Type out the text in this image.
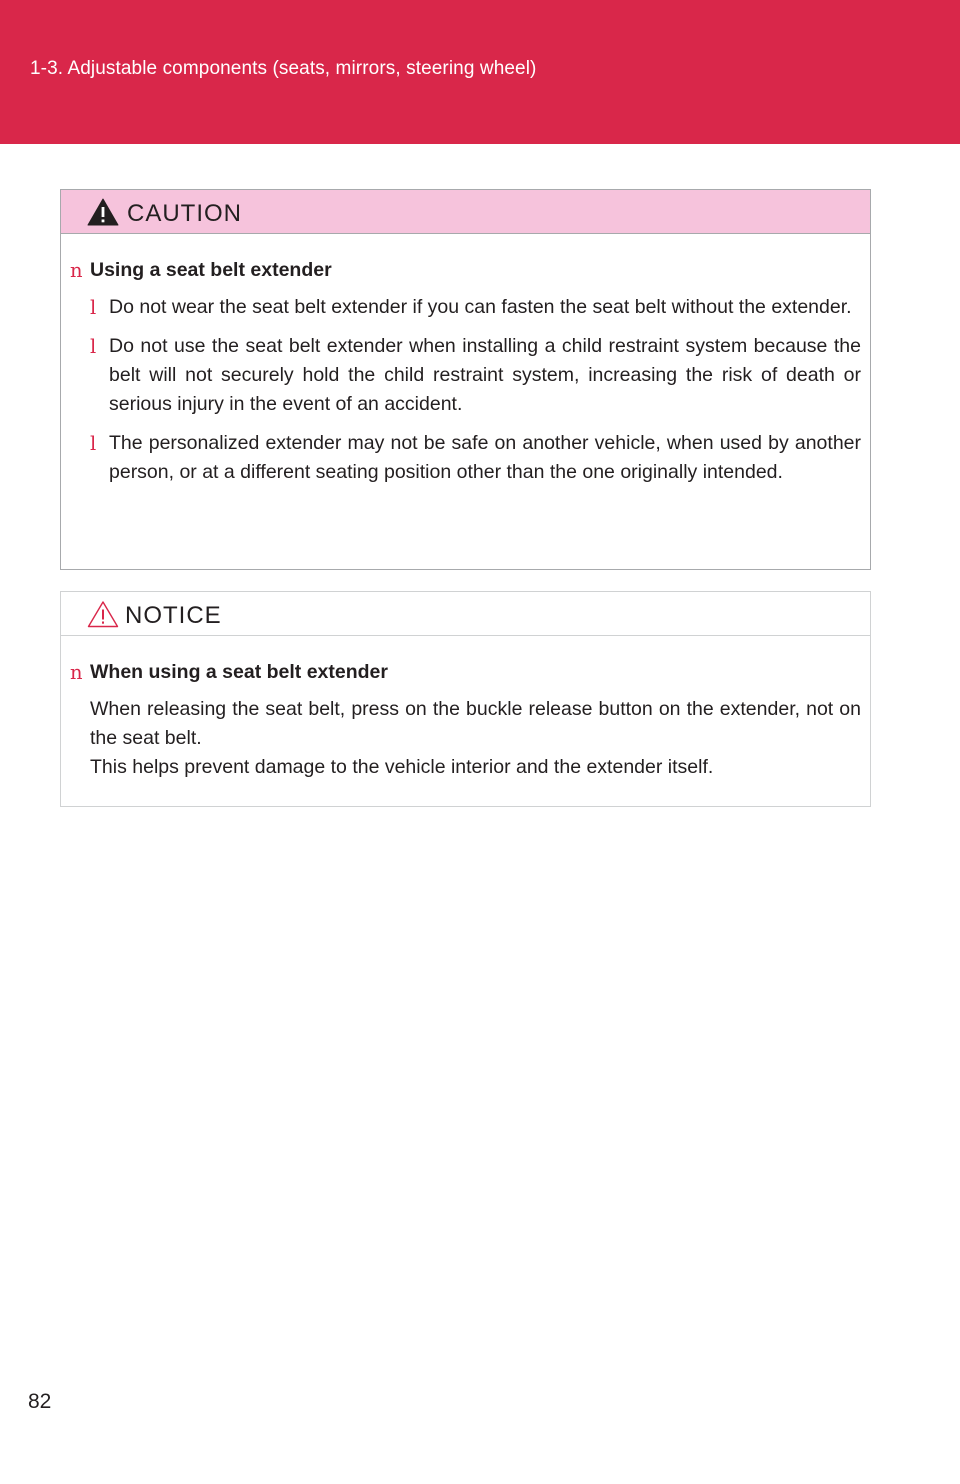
1-3. Adjustable components (seats, mirrors, steering wheel)
CAUTION
n Using a seat belt extender
l Do not wear the seat belt extender if you can fasten the seat belt without the extender.
l Do not use the seat belt extender when installing a child restraint system because the belt will not securely hold the child restraint system, increasing the risk of death or serious injury in the event of an accident.
l The personalized extender may not be safe on another vehicle, when used by another person, or at a different seating position other than the one originally intended.
NOTICE
n When using a seat belt extender
When releasing the seat belt, press on the buckle release button on the extender, not on the seat belt.
This helps prevent damage to the vehicle interior and the extender itself.
82
